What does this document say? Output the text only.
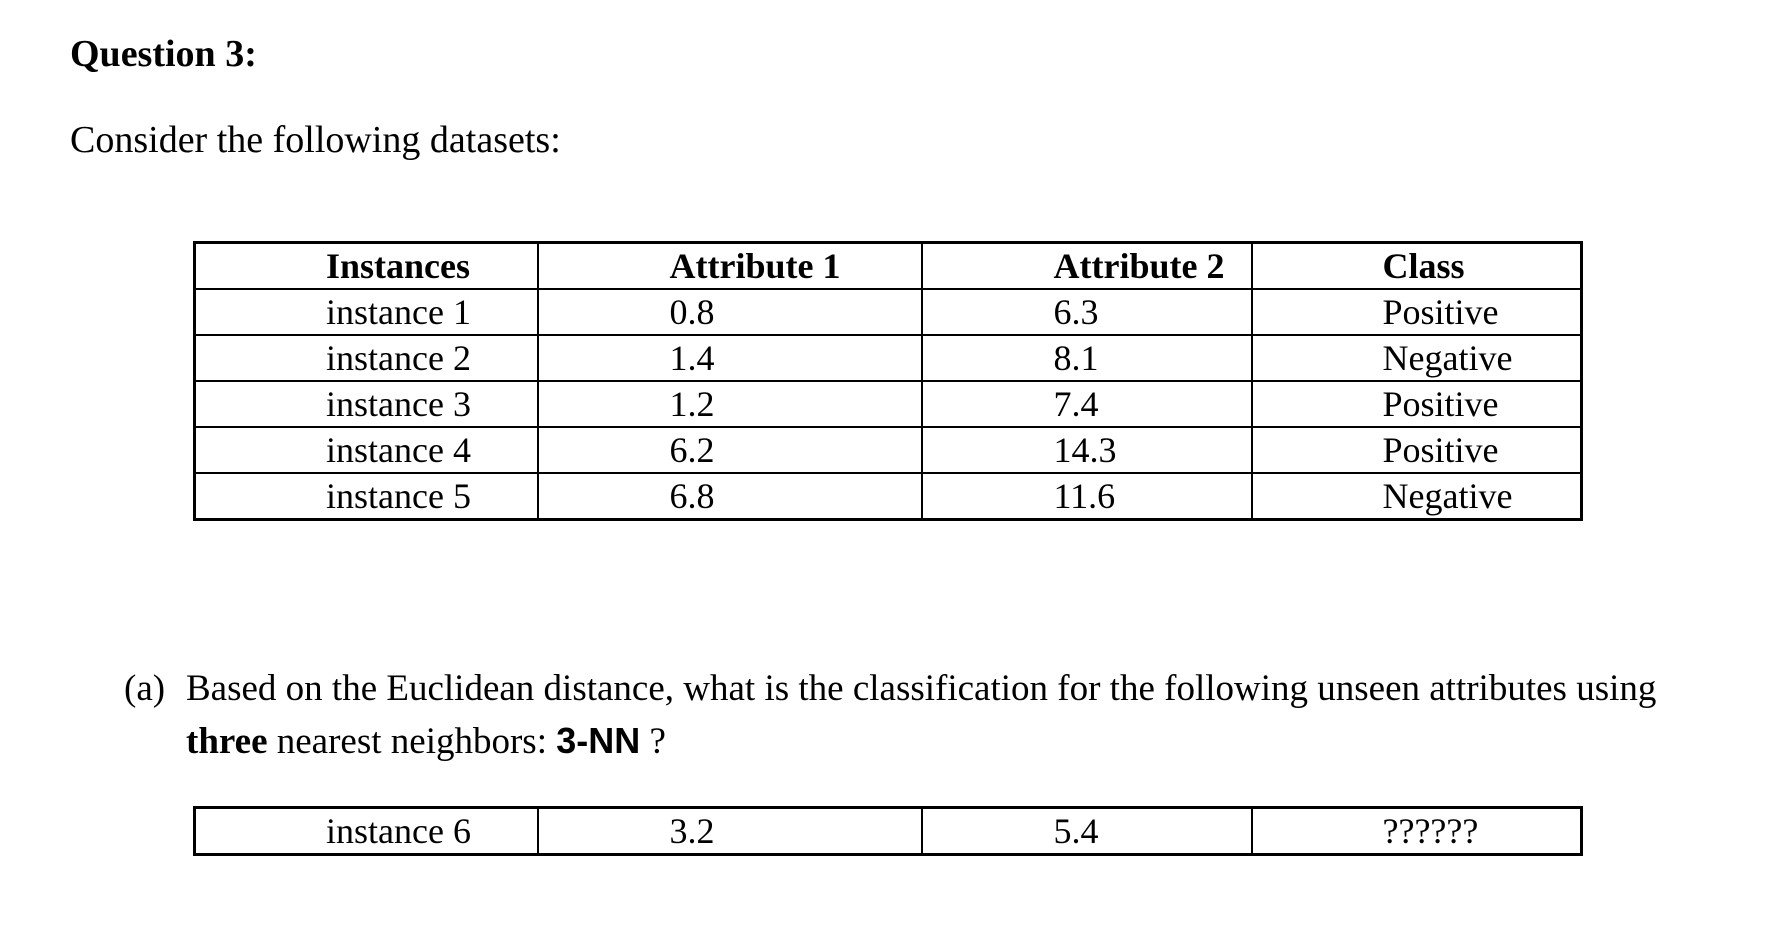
Question 3:

Consider the following datasets:

Instances	Attribute 1	Attribute 2	Class
instance 1	0.8	6.3	Positive
instance 2	1.4	8.1	Negative
instance 3	1.2	7.4	Positive
instance 4	6.2	14.3	Positive
instance 5	6.8	11.6	Negative
(a) Based on the Euclidean distance, what is the classification for the following unseen attributes using
three nearest neighbors: 3-NN ?
instance 6	3.2	5.4	??????
